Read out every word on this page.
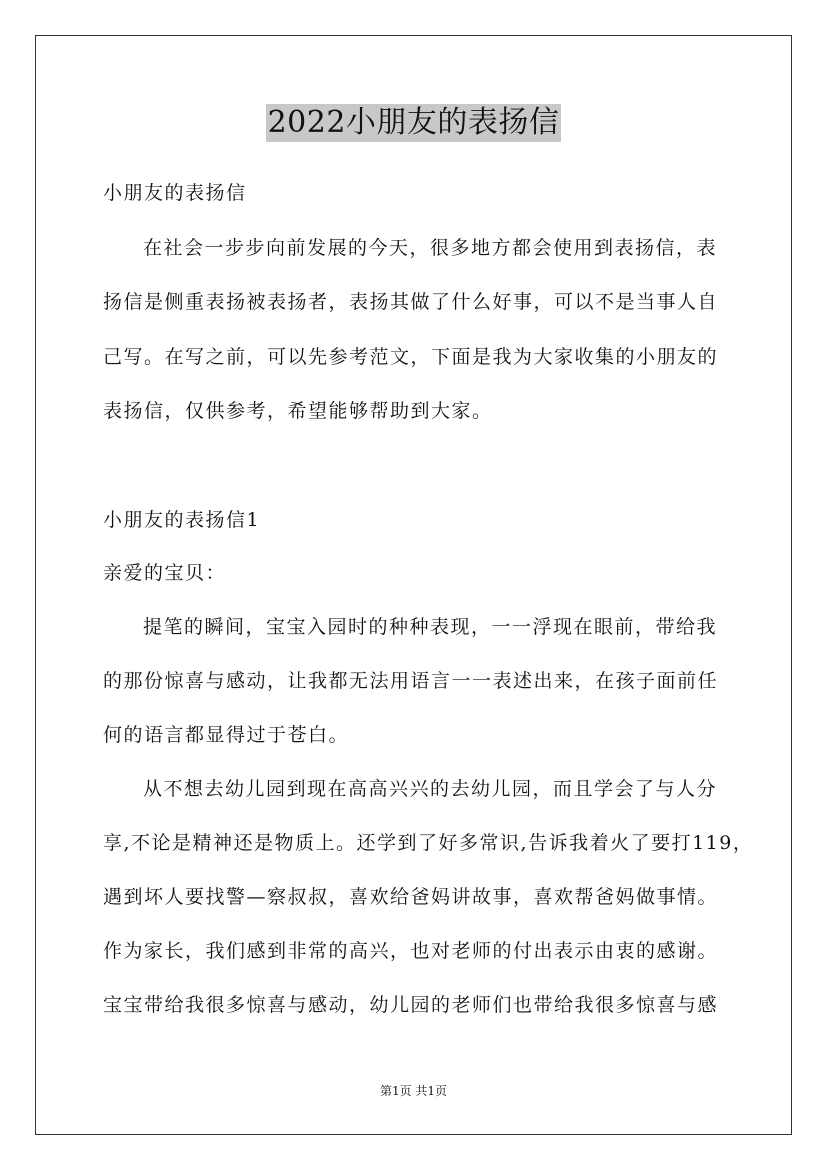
2022小朋友的表扬信
小朋友的表扬信
在社会一步步向前发展的今天，很多地方都会使用到表扬信，表
扬信是侧重表扬被表扬者，表扬其做了什么好事，可以不是当事人自
己写。在写之前，可以先参考范文，下面是我为大家收集的小朋友的
表扬信，仅供参考，希望能够帮助到大家。
小朋友的表扬信1
亲爱的宝贝：
提笔的瞬间，宝宝入园时的种种表现，一一浮现在眼前，带给我
的那份惊喜与感动，让我都无法用语言一一表述出来，在孩子面前任
何的语言都显得过于苍白。
从不想去幼儿园到现在高高兴兴的去幼儿园，而且学会了与人分
享,不论是精神还是物质上。还学到了好多常识,告诉我着火了要打119，
遇到坏人要找警—察叔叔，喜欢给爸妈讲故事，喜欢帮爸妈做事情。
作为家长，我们感到非常的高兴，也对老师的付出表示由衷的感谢。
宝宝带给我很多惊喜与感动，幼儿园的老师们也带给我很多惊喜与感
第1页 共1页
